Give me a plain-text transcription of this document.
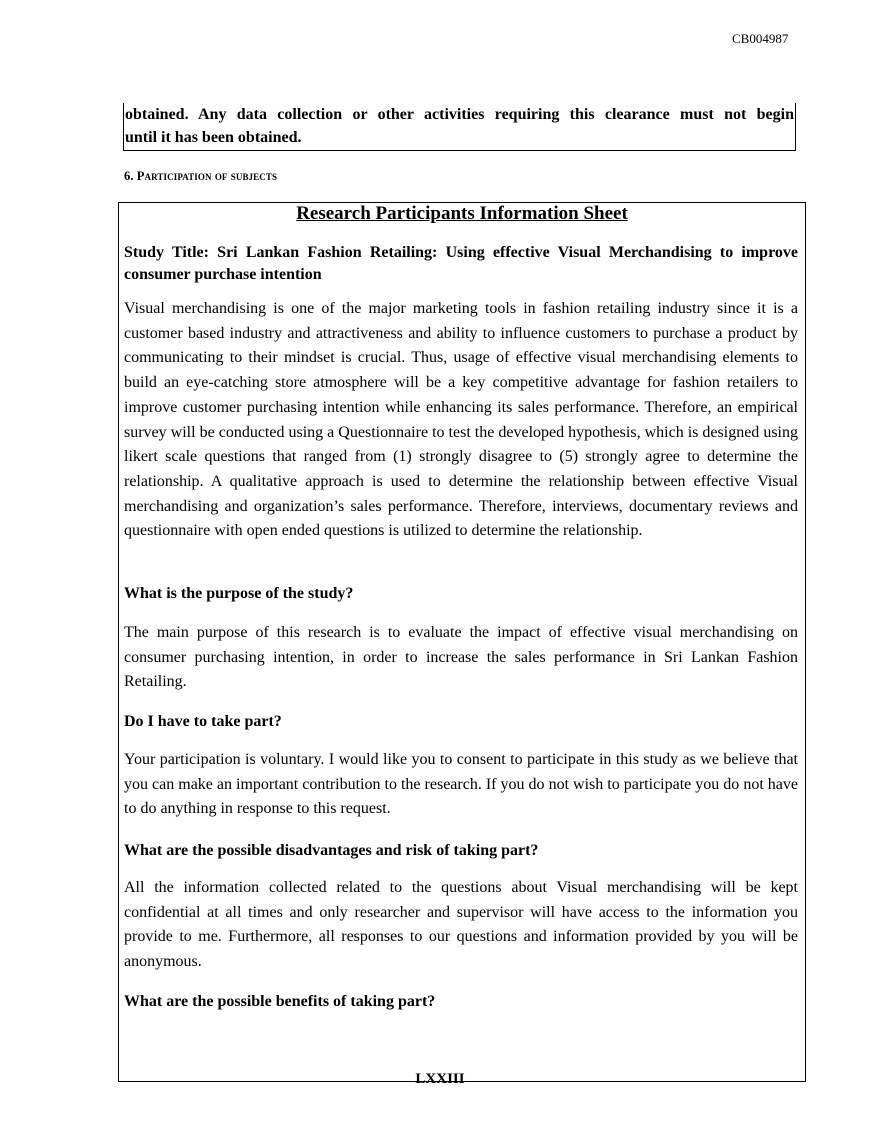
CB004987
obtained. Any data collection or other activities requiring this clearance must not begin
until it has been obtained.
6. Participation of subjects
Research Participants Information Sheet
Study Title: Sri Lankan Fashion Retailing: Using effective Visual Merchandising to improve consumer purchase intention
Visual merchandising is one of the major marketing tools in fashion retailing industry since it is a customer based industry and attractiveness and ability to influence customers to purchase a product by communicating to their mindset is crucial. Thus, usage of effective visual merchandising elements to build an eye-catching store atmosphere will be a key competitive advantage for fashion retailers to improve customer purchasing intention while enhancing its sales performance. Therefore, an empirical survey will be conducted using a Questionnaire to test the developed hypothesis, which is designed using likert scale questions that ranged from (1) strongly disagree to (5) strongly agree to determine the relationship. A qualitative approach is used to determine the relationship between effective Visual merchandising and organization’s sales performance. Therefore, interviews, documentary reviews and questionnaire with open ended questions is utilized to determine the relationship.
What is the purpose of the study?
The main purpose of this research is to evaluate the impact of effective visual merchandising on consumer purchasing intention, in order to increase the sales performance in Sri Lankan Fashion Retailing.
Do I have to take part?
Your participation is voluntary. I would like you to consent to participate in this study as we believe that you can make an important contribution to the research. If you do not wish to participate you do not have to do anything in response to this request.
What are the possible disadvantages and risk of taking part?
All the information collected related to the questions about Visual merchandising will be kept confidential at all times and only researcher and supervisor will have access to the information you provide to me. Furthermore, all responses to our questions and information provided by you will be anonymous.
What are the possible benefits of taking part?
LXXIII
